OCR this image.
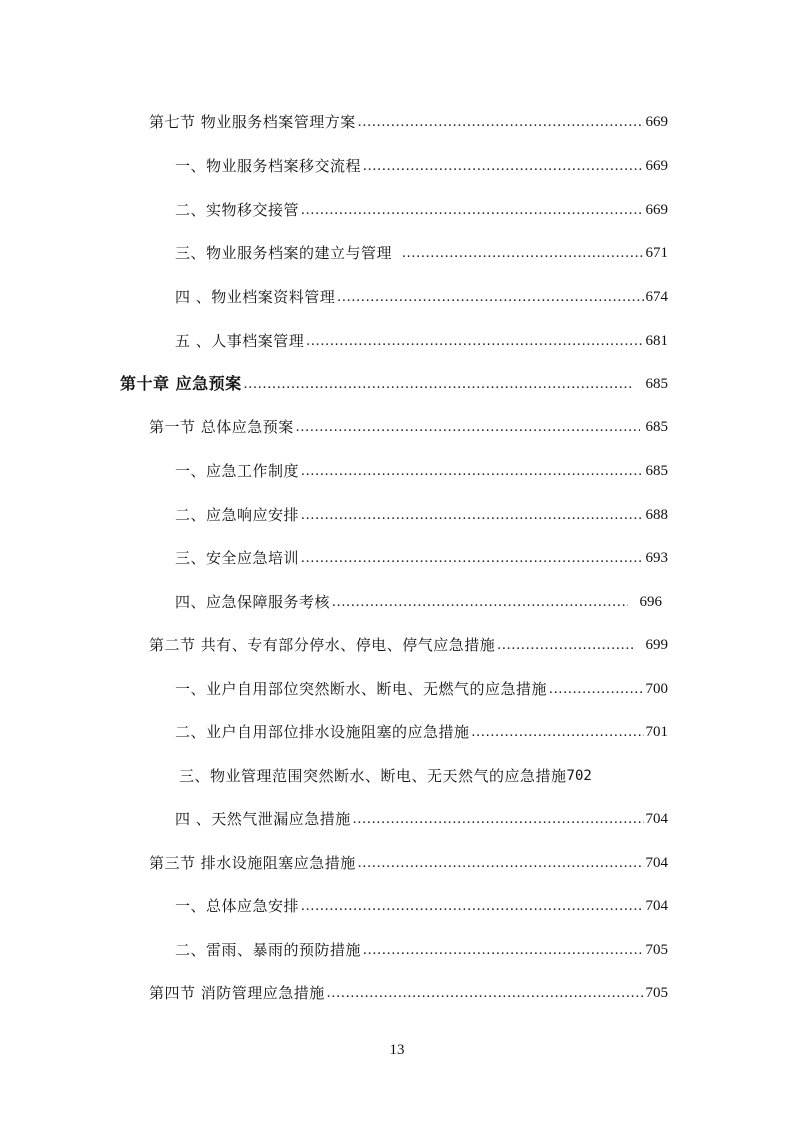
第七节 物业服务档案管理方案 .....	669
一、物业服务档案移交流程 .....	669
二、实物移交接管 .....	669
三、物业服务档案的建立与管理 .....	671
四 、物业档案资料管理 .....	674
五 、人事档案管理 .....	681
第十章 应急预案 .....	685
第一节 总体应急预案 .....	685
一、应急工作制度 .....	685
二、应急响应安排 .....	688
三、安全应急培训 .....	693
四、应急保障服务考核 .....	696
第二节 共有、专有部分停水、停电、停气应急措施 .....	699
一、业户自用部位突然断水、断电、无燃气的应急措施 .....	700
二、业户自用部位排水设施阻塞的应急措施 .....	701
三、物业管理范围突然断水、断电、无天然气的应急措施 702
四 、天然气泄漏应急措施 .....	704
第三节 排水设施阻塞应急措施 .....	704
一、总体应急安排 .....	704
二、雷雨、暴雨的预防措施 .....	705
第四节 消防管理应急措施 .....	705
13
